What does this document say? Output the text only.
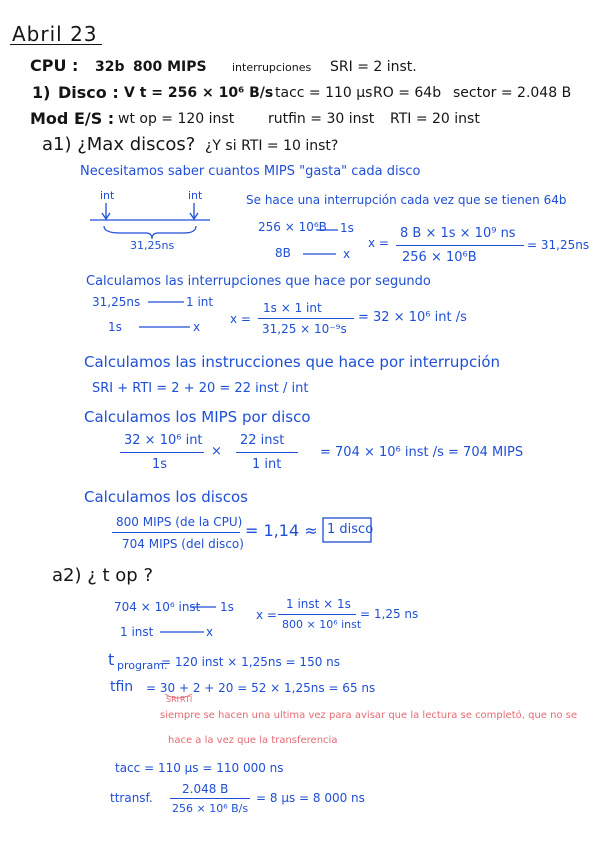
Abril 23
CPU : 32b 800 MIPS interrupciones SRI = 2 inst.
1) Disco : V t = 256 × 10⁶ B/s tacc = 110 μs RO = 64b sector = 2.048 B
Mod E/S : wt op = 120 inst rutfin = 30 inst RTI = 20 inst
a1) ¿Max discos? ¿Y si RTI = 10 inst?
Necesitamos saber cuantos MIPS "gasta" cada disco
int	int
31,25ns
Se hace una interrupción cada vez que se tienen 64b
256 × 10⁶B 1s
8B	x
x =
8 B × 1s × 10⁹ ns
256 × 10⁶B
= 31,25ns
Calculamos las interrupciones que hace por segundo
31,25ns	1 int
1s	x
x =
1s × 1 int
31,25 × 10⁻⁹s
= 32 × 10⁶ int /s
Calculamos las instrucciones que hace por interrupción
SRI + RTI = 2 + 20 = 22 inst / int
Calculamos los MIPS por disco
32 × 10⁶ int
1s
×
22 inst
1 int
= 704 × 10⁶ inst /s = 704 MIPS
Calculamos los discos
800 MIPS (de la CPU)
704 MIPS (del disco)
= 1,14 ≈ 1 disco
a2) ¿ t op ?
704 × 10⁶ inst 1s
1 inst	x
x =
1 inst × 1s
800 × 10⁶ inst
= 1,25 ns
t program.
= 120 inst × 1,25ns = 150 ns
tfin = 30 + 2 + 20 = 52 × 1,25ns = 65 ns
SRI RTI
siempre se hacen una ultima vez para avisar que la lectura se completó, que no se
hace a la vez que la transferencia
tacc = 110 μs = 110 000 ns
ttransf.
2.048 B
256 × 10⁶ B/s
= 8 μs = 8 000 ns
